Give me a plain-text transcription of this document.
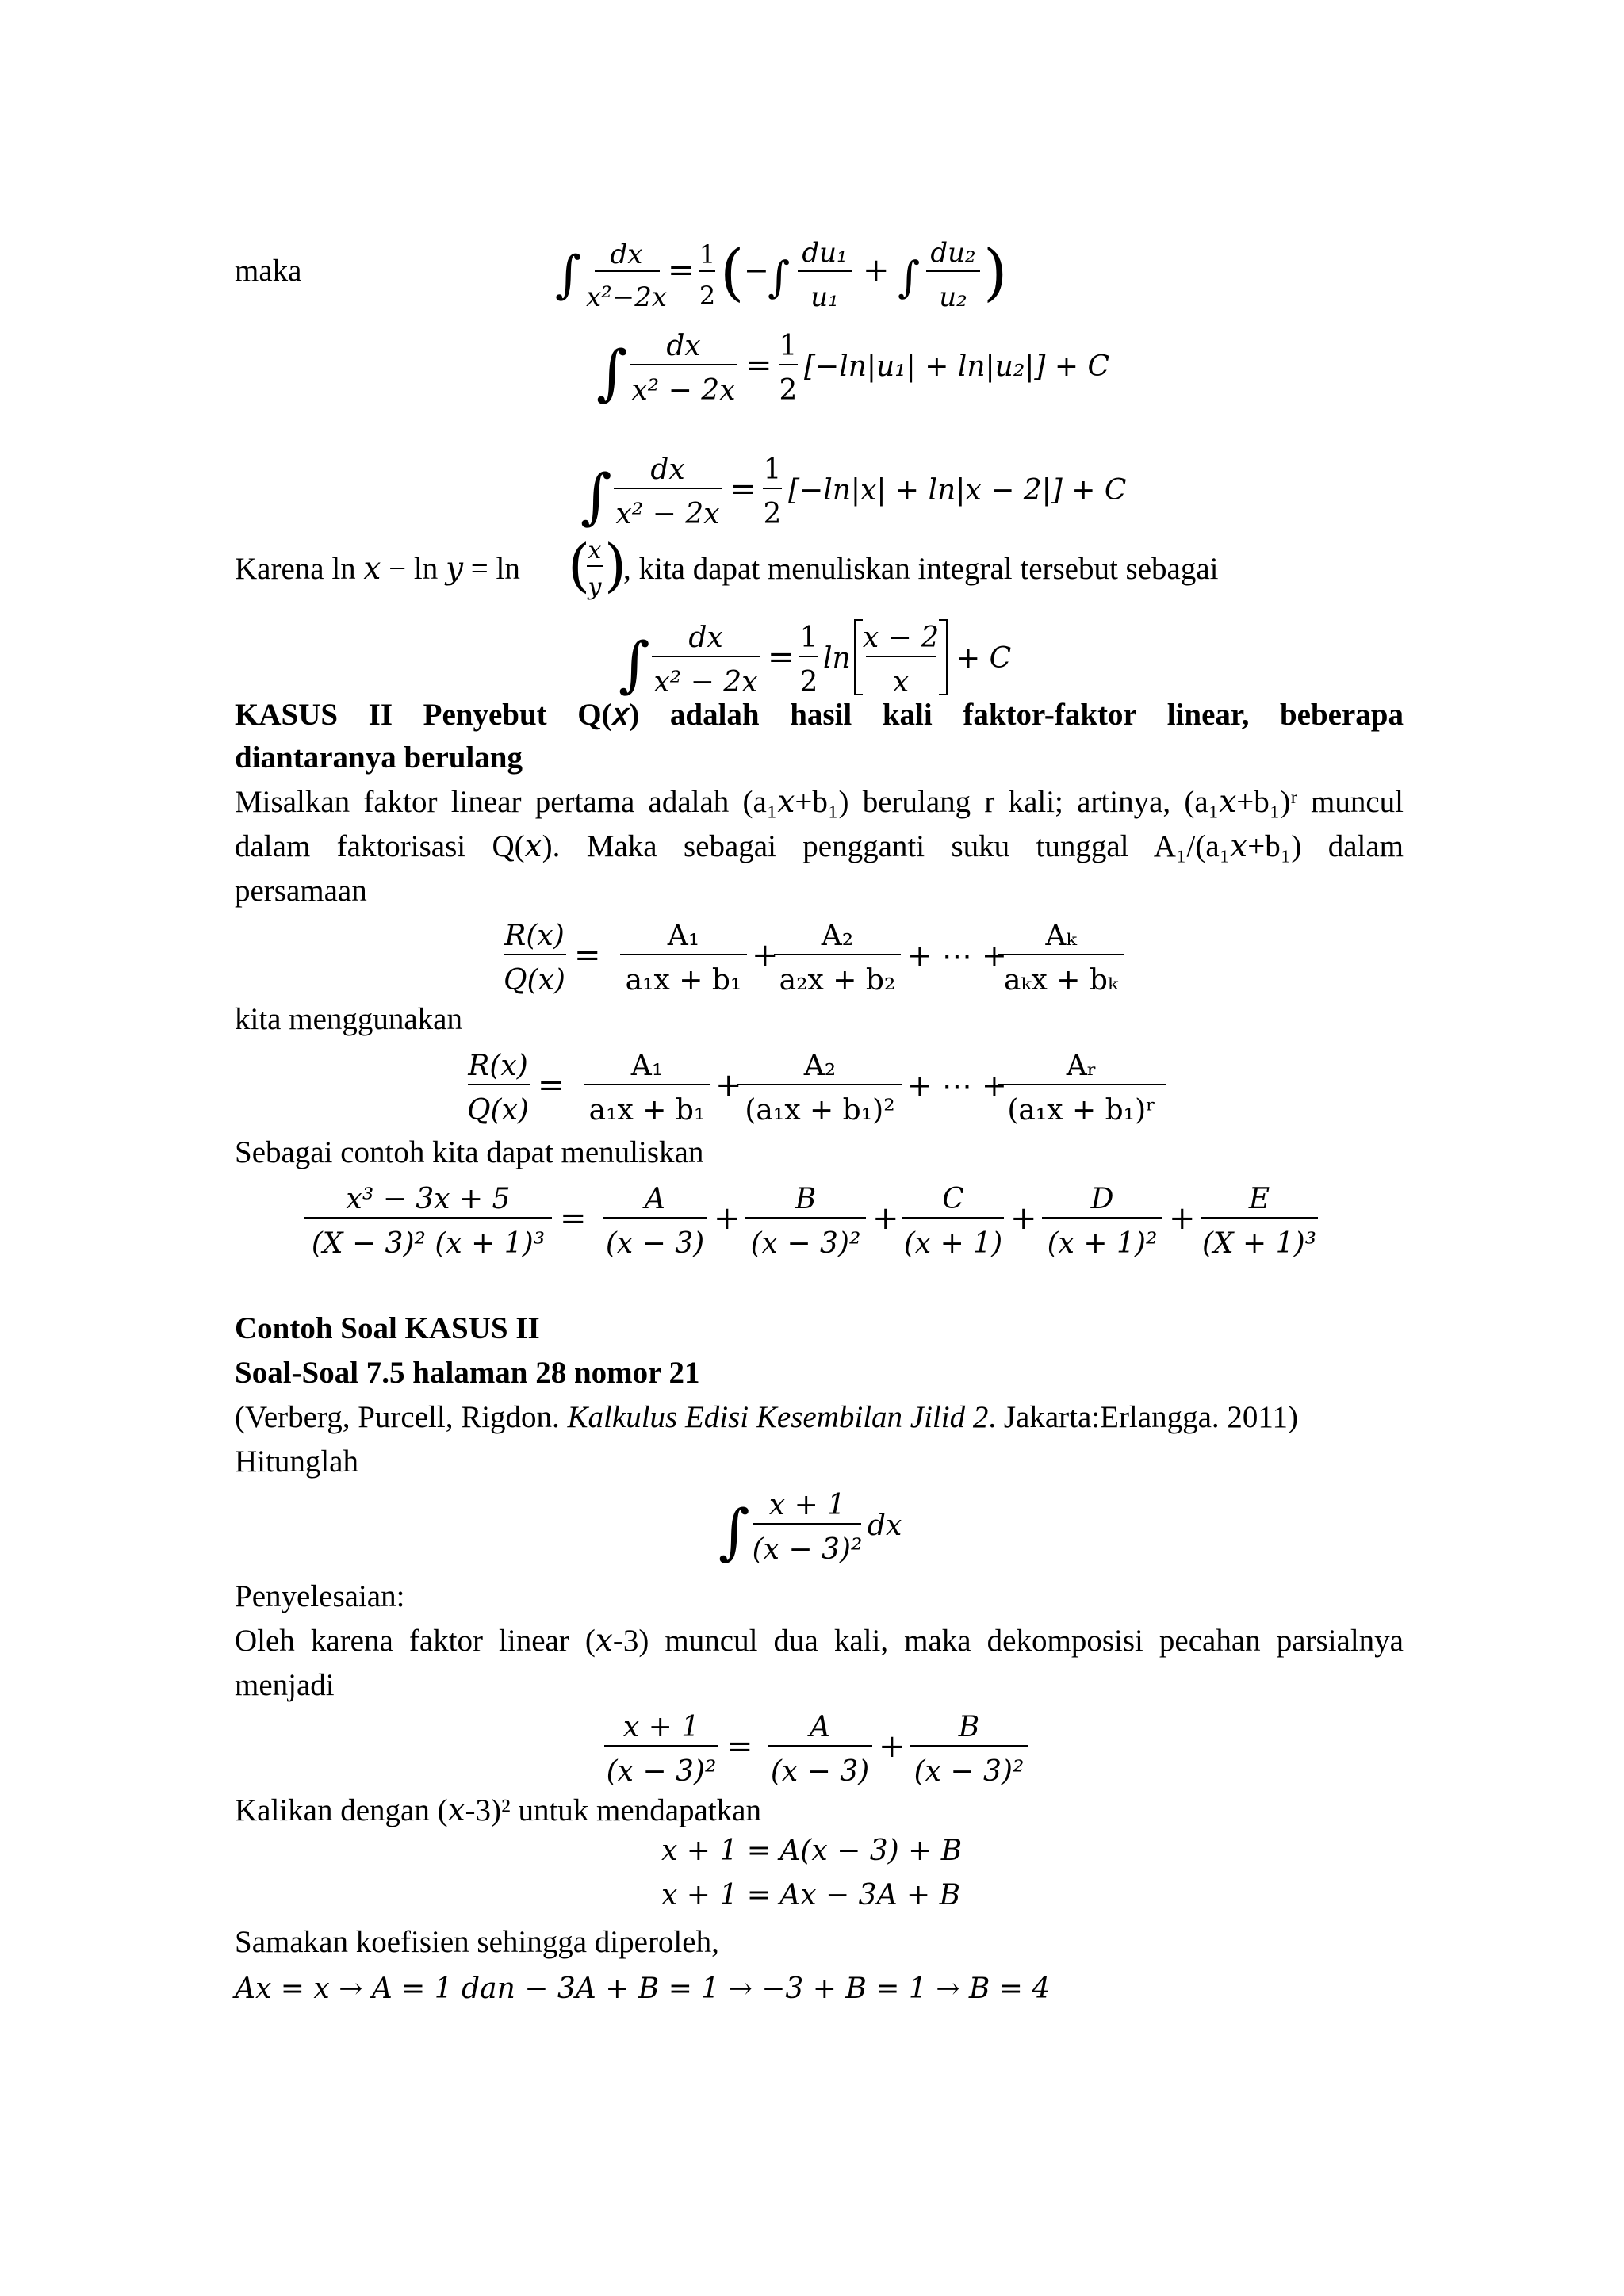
maka	∫ dx
x²−2x
= 1
2 ( −
∫ du₁
u₁
+ ∫ du₂
u₂ )
∫ dx
x² − 2x
=
1
2
[−ln|u₁| + ln|u₂|] + C
∫ dx
x² − 2x
=
1
2
[−ln|x| + ln|x − 2|] + C
Karena ln 𝑥 − ln 𝑦 = ln (
x
y )
, kita dapat menuliskan integral tersebut sebagai
∫ dx
x² − 2x
=
1
2
ln
x − 2
x
+ C
KASUS II Penyebut Q(𝑥) adalah hasil kali faktor-faktor linear, beberapa
diantaranya berulang
Misalkan faktor linear pertama adalah (a₁𝑥+b₁) berulang r kali; artinya, (a₁𝑥+b₁)ʳ muncul
dalam faktorisasi Q(𝑥). Maka sebagai pengganti suku tunggal A₁/(a₁𝑥+b₁) dalam
persamaan
R(x)
Q(x)
=
A₁
a₁x + b₁
+
A₂
a₂x + b₂
+ ⋯ +
Aₖ
aₖx + bₖ
kita menggunakan
R(x)
Q(x)
=
A₁
a₁x + b₁
+
A₂
(a₁x + b₁)²
+ ⋯ +
Aᵣ
(a₁x + b₁)ʳ
Sebagai contoh kita dapat menuliskan
x³ − 3x + 5
(X − 3)² (x + 1)³
=
A
(x − 3)
+
B
(x − 3)²
+
C
(x + 1)
+
D
(x + 1)²
+
E
(X + 1)³
Contoh Soal KASUS II
Soal-Soal 7.5 halaman 28 nomor 21
(Verberg, Purcell, Rigdon. Kalkulus Edisi Kesembilan Jilid 2. Jakarta:Erlangga. 2011)
Hitunglah
∫ x + 1
(x − 3)²
dx
Penyelesaian:
Oleh karena faktor linear (𝑥-3) muncul dua kali, maka dekomposisi pecahan parsialnya
menjadi
x + 1
(x − 3)²
=
A
(x − 3)
+
B
(x − 3)²
Kalikan dengan (𝑥-3)² untuk mendapatkan
x + 1 = A(x − 3) + B
x + 1 = Ax − 3A + B
Samakan koefisien sehingga diperoleh,
Ax = x → A = 1 dan − 3A + B = 1 → −3 + B = 1 → B = 4
